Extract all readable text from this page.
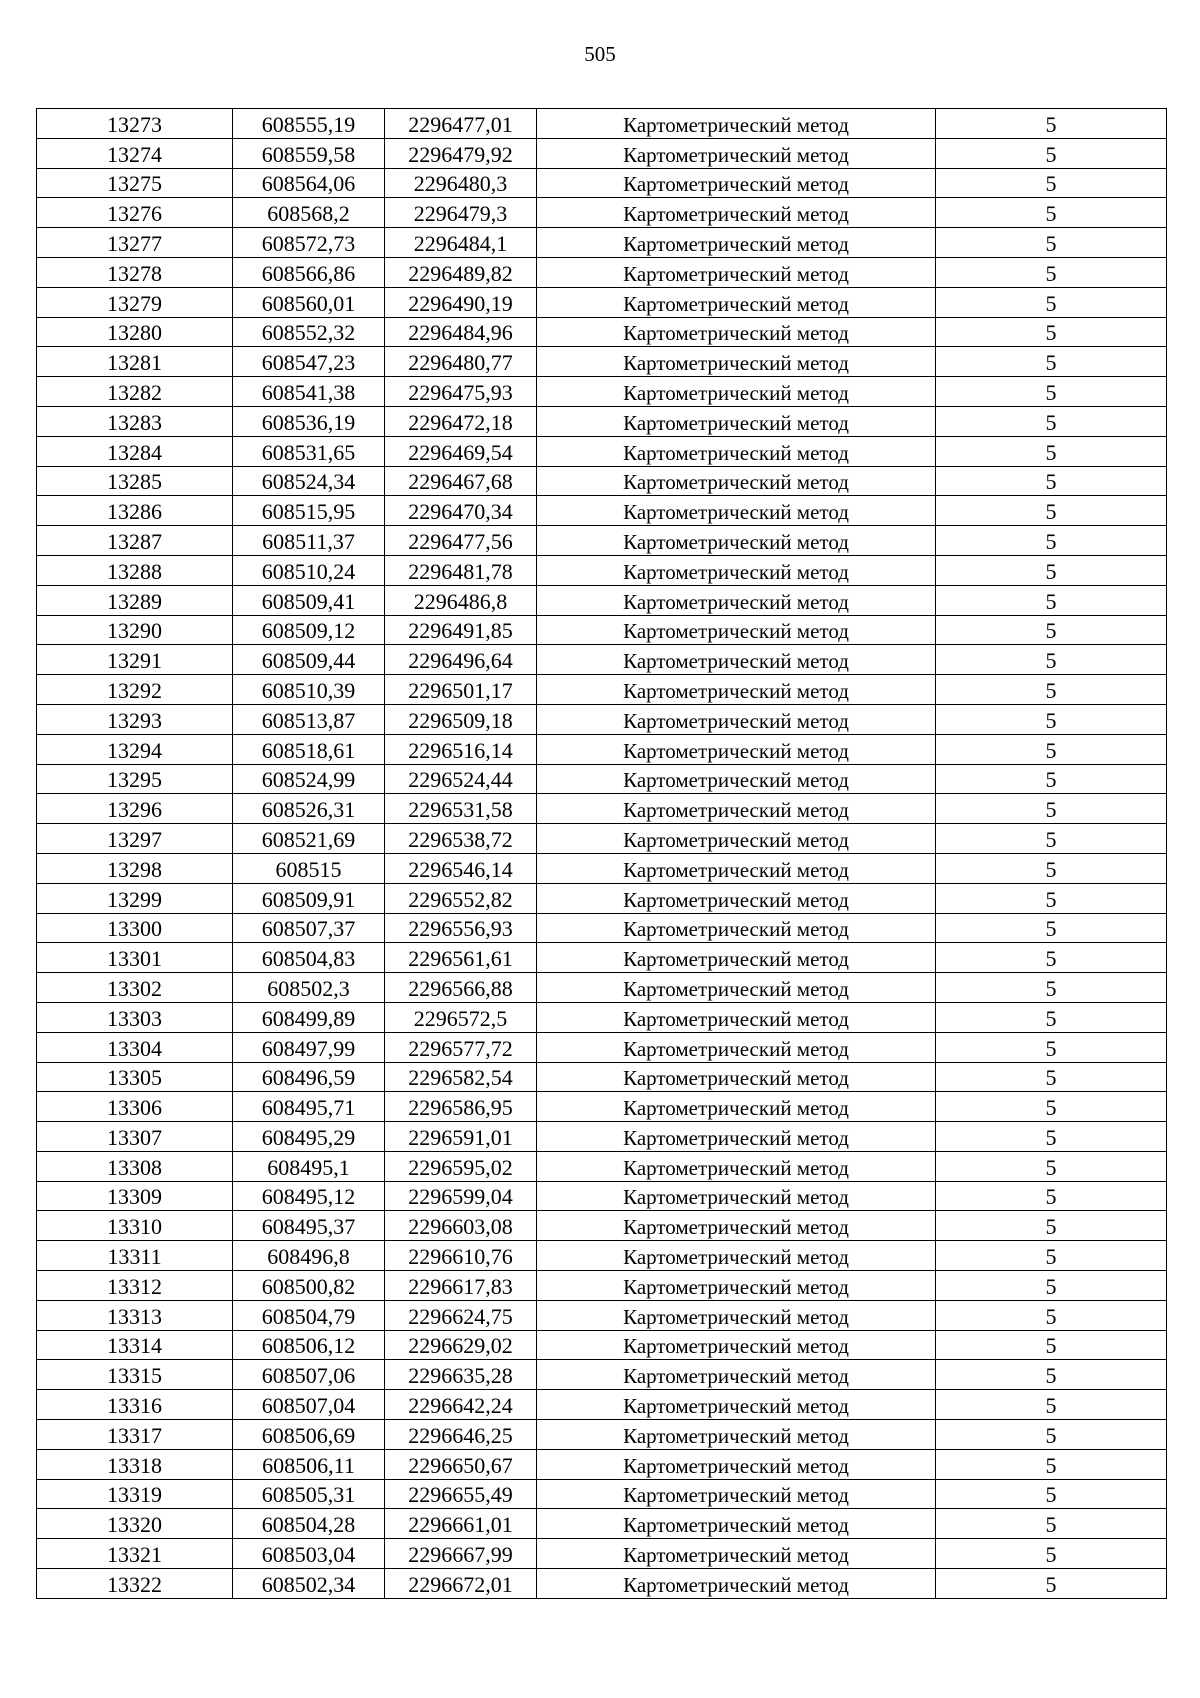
505
13273	608555,19	2296477,01	Картометрический метод	5
13274	608559,58	2296479,92	Картометрический метод	5
13275	608564,06	2296480,3	Картометрический метод	5
13276	608568,2	2296479,3	Картометрический метод	5
13277	608572,73	2296484,1	Картометрический метод	5
13278	608566,86	2296489,82	Картометрический метод	5
13279	608560,01	2296490,19	Картометрический метод	5
13280	608552,32	2296484,96	Картометрический метод	5
13281	608547,23	2296480,77	Картометрический метод	5
13282	608541,38	2296475,93	Картометрический метод	5
13283	608536,19	2296472,18	Картометрический метод	5
13284	608531,65	2296469,54	Картометрический метод	5
13285	608524,34	2296467,68	Картометрический метод	5
13286	608515,95	2296470,34	Картометрический метод	5
13287	608511,37	2296477,56	Картометрический метод	5
13288	608510,24	2296481,78	Картометрический метод	5
13289	608509,41	2296486,8	Картометрический метод	5
13290	608509,12	2296491,85	Картометрический метод	5
13291	608509,44	2296496,64	Картометрический метод	5
13292	608510,39	2296501,17	Картометрический метод	5
13293	608513,87	2296509,18	Картометрический метод	5
13294	608518,61	2296516,14	Картометрический метод	5
13295	608524,99	2296524,44	Картометрический метод	5
13296	608526,31	2296531,58	Картометрический метод	5
13297	608521,69	2296538,72	Картометрический метод	5
13298	608515	2296546,14	Картометрический метод	5
13299	608509,91	2296552,82	Картометрический метод	5
13300	608507,37	2296556,93	Картометрический метод	5
13301	608504,83	2296561,61	Картометрический метод	5
13302	608502,3	2296566,88	Картометрический метод	5
13303	608499,89	2296572,5	Картометрический метод	5
13304	608497,99	2296577,72	Картометрический метод	5
13305	608496,59	2296582,54	Картометрический метод	5
13306	608495,71	2296586,95	Картометрический метод	5
13307	608495,29	2296591,01	Картометрический метод	5
13308	608495,1	2296595,02	Картометрический метод	5
13309	608495,12	2296599,04	Картометрический метод	5
13310	608495,37	2296603,08	Картометрический метод	5
13311	608496,8	2296610,76	Картометрический метод	5
13312	608500,82	2296617,83	Картометрический метод	5
13313	608504,79	2296624,75	Картометрический метод	5
13314	608506,12	2296629,02	Картометрический метод	5
13315	608507,06	2296635,28	Картометрический метод	5
13316	608507,04	2296642,24	Картометрический метод	5
13317	608506,69	2296646,25	Картометрический метод	5
13318	608506,11	2296650,67	Картометрический метод	5
13319	608505,31	2296655,49	Картометрический метод	5
13320	608504,28	2296661,01	Картометрический метод	5
13321	608503,04	2296667,99	Картометрический метод	5
13322	608502,34	2296672,01	Картометрический метод	5
